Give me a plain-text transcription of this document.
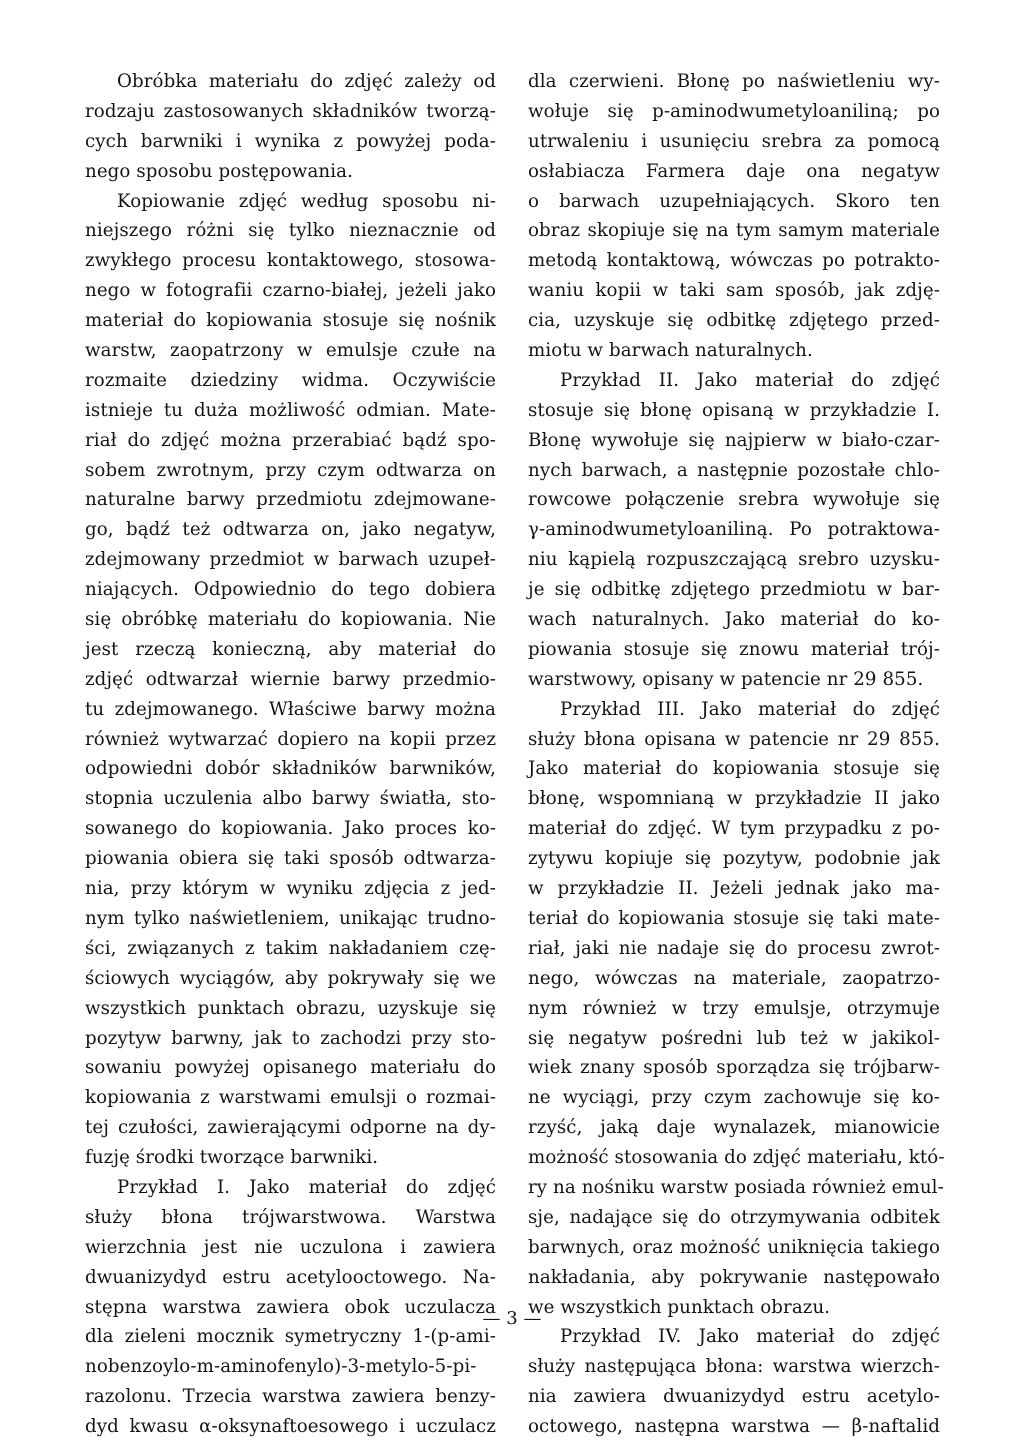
Obróbka materiału do zdjęć zależy od
rodzaju zastosowanych składników tworzą-
cych barwniki i wynika z powyżej poda-
nego sposobu postępowania.
Kopiowanie zdjęć według sposobu ni-
niejszego różni się tylko nieznacznie od
zwykłego procesu kontaktowego, stosowa-
nego w fotografii czarno-białej, jeżeli jako
materiał do kopiowania stosuje się nośnik
warstw, zaopatrzony w emulsje czułe na
rozmaite dziedziny widma. Oczywiście
istnieje tu duża możliwość odmian. Mate-
riał do zdjęć można przerabiać bądź spo-
sobem zwrotnym, przy czym odtwarza on
naturalne barwy przedmiotu zdejmowane-
go, bądź też odtwarza on, jako negatyw,
zdejmowany przedmiot w barwach uzupeł-
niających. Odpowiednio do tego dobiera
się obróbkę materiału do kopiowania. Nie
jest rzeczą konieczną, aby materiał do
zdjęć odtwarzał wiernie barwy przedmio-
tu zdejmowanego. Właściwe barwy można
również wytwarzać dopiero na kopii przez
odpowiedni dobór składników barwników,
stopnia uczulenia albo barwy światła, sto-
sowanego do kopiowania. Jako proces ko-
piowania obiera się taki sposób odtwarza-
nia, przy którym w wyniku zdjęcia z jed-
nym tylko naświetleniem, unikając trudno-
ści, związanych z takim nakładaniem czę-
ściowych wyciągów, aby pokrywały się we
wszystkich punktach obrazu, uzyskuje się
pozytyw barwny, jak to zachodzi przy sto-
sowaniu powyżej opisanego materiału do
kopiowania z warstwami emulsji o rozmai-
tej czułości, zawierającymi odporne na dy-
fuzję środki tworzące barwniki.
Przykład I. Jako materiał do zdjęć
służy błona trójwarstwowa. Warstwa
wierzchnia jest nie uczulona i zawiera
dwuanizydyd estru acetylooctowego. Na-
stępna warstwa zawiera obok uczulacza
dla zieleni mocznik symetryczny 1-(p-ami-
nobenzoylo-m-aminofenylo)-3-metylo-5-pi-
razolonu. Trzecia warstwa zawiera benzy-
dyd kwasu α-oksynaftoesowego i uczulacz
dla czerwieni. Błonę po naświetleniu wy-
wołuje się p-aminodwumetyloaniliną; po
utrwaleniu i usunięciu srebra za pomocą
osłabiacza Farmera daje ona negatyw
o barwach uzupełniających. Skoro ten
obraz skopiuje się na tym samym materiale
metodą kontaktową, wówczas po potrakto-
waniu kopii w taki sam sposób, jak zdję-
cia, uzyskuje się odbitkę zdjętego przed-
miotu w barwach naturalnych.
Przykład II. Jako materiał do zdjęć
stosuje się błonę opisaną w przykładzie I.
Błonę wywołuje się najpierw w biało-czar-
nych barwach, a następnie pozostałe chlo-
rowcowe połączenie srebra wywołuje się
γ-aminodwumetyloaniliną. Po potraktowa-
niu kąpielą rozpuszczającą srebro uzysku-
je się odbitkę zdjętego przedmiotu w bar-
wach naturalnych. Jako materiał do ko-
piowania stosuje się znowu materiał trój-
warstwowy, opisany w patencie nr 29 855.
Przykład III. Jako materiał do zdjęć
służy błona opisana w patencie nr 29 855.
Jako materiał do kopiowania stosuje się
błonę, wspomnianą w przykładzie II jako
materiał do zdjęć. W tym przypadku z po-
zytywu kopiuje się pozytyw, podobnie jak
w przykładzie II. Jeżeli jednak jako ma-
teriał do kopiowania stosuje się taki mate-
riał, jaki nie nadaje się do procesu zwrot-
nego, wówczas na materiale, zaopatrzo-
nym również w trzy emulsje, otrzymuje
się negatyw pośredni lub też w jakikol-
wiek znany sposób sporządza się trójbarw-
ne wyciągi, przy czym zachowuje się ko-
rzyść, jaką daje wynalazek, mianowicie
możność stosowania do zdjęć materiału, któ-
ry na nośniku warstw posiada również emul-
sje, nadające się do otrzymywania odbitek
barwnych, oraz możność uniknięcia takiego
nakładania, aby pokrywanie następowało
we wszystkich punktach obrazu.
Przykład IV. Jako materiał do zdjęć
służy następująca błona: warstwa wierzch-
nia zawiera dwuanizydyd estru acetylo-
octowego, następna warstwa — β-naftalid
— 3 —
